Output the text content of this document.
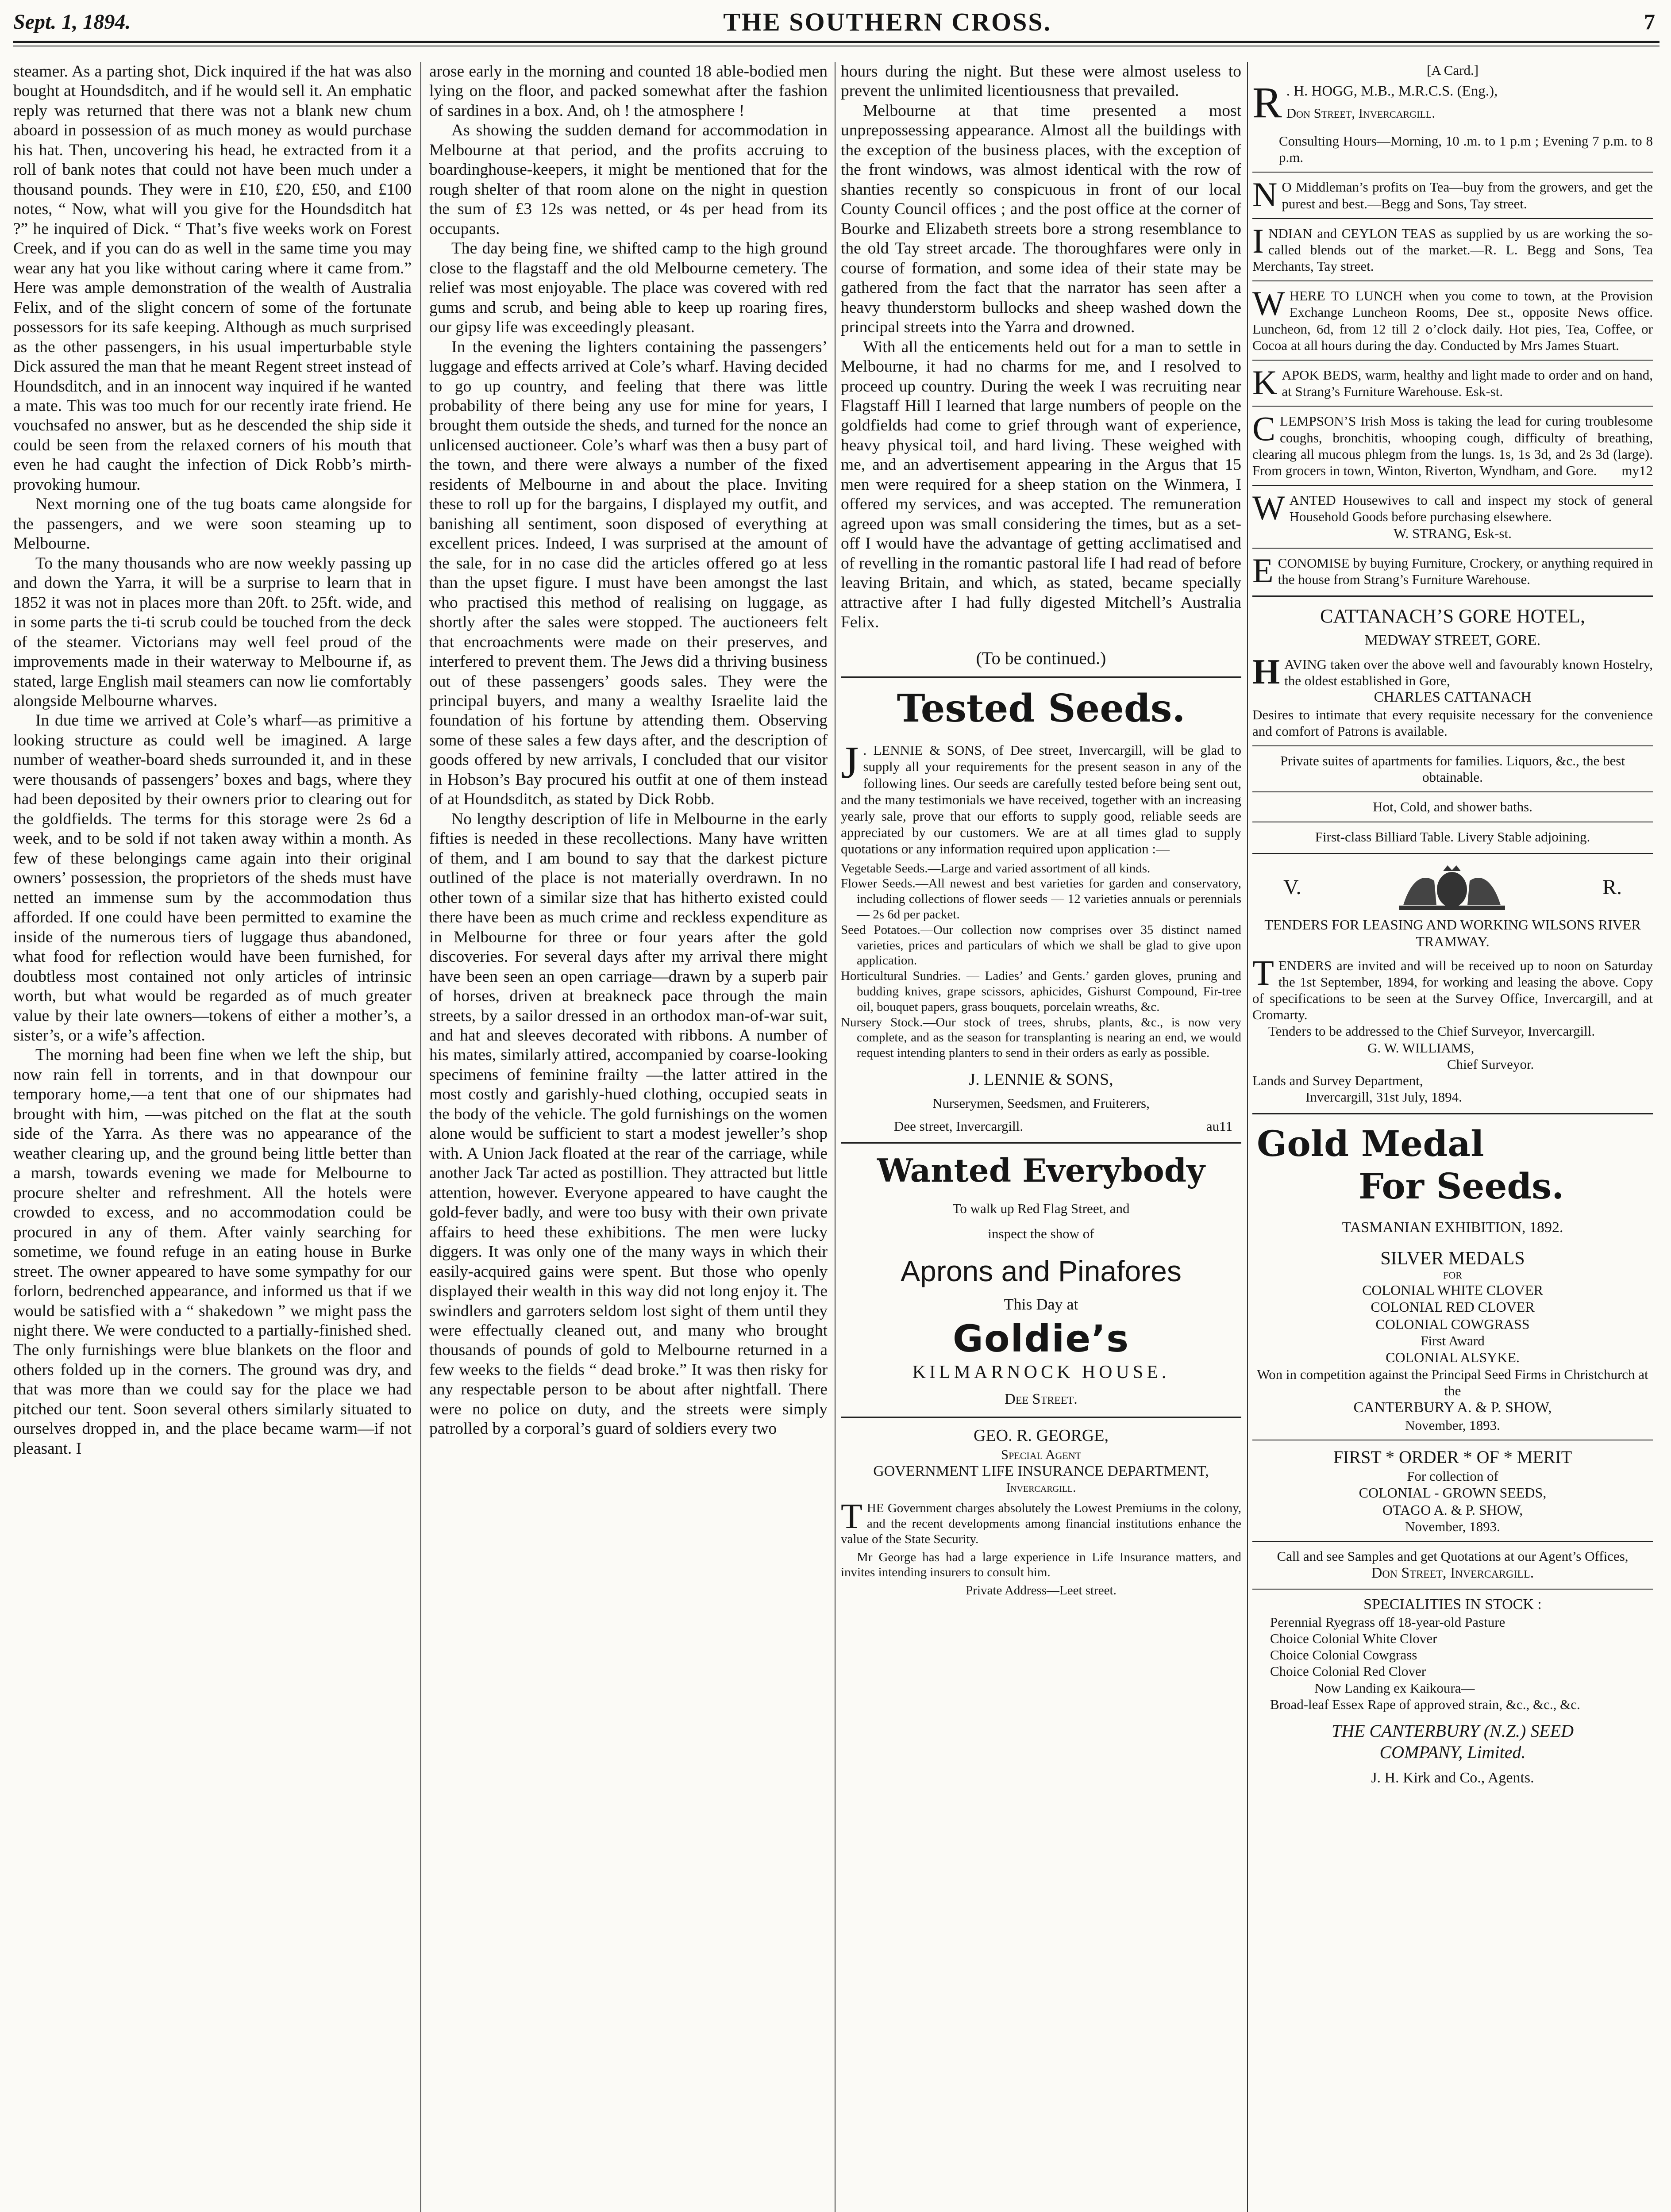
Sept. 1, 1894.	THE SOUTHERN CROSS.	7

steamer. As a parting shot, Dick inquired if the hat was also bought at Houndsditch, and if he would sell it. An emphatic reply was returned that there was not a blank new chum aboard in possession of as much money as would purchase his hat. Then, uncovering his head, he extracted from it a roll of bank notes that could not have been much under a thousand pounds. They were in £10, £20, £50, and £100 notes, “ Now, what will you give for the Houndsditch hat ?” he inquired of Dick. “ That’s five weeks work on Forest Creek, and if you can do as well in the same time you may wear any hat you like without caring where it came from.” Here was ample demonstration of the wealth of Australia Felix, and of the slight concern of some of the fortunate possessors for its safe keeping. Although as much surprised as the other passengers, in his usual imperturbable style Dick assured the man that he meant Regent street instead of Houndsditch, and in an innocent way inquired if he wanted a mate. This was too much for our recently irate friend. He vouchsafed no answer, but as he descended the ship side it could be seen from the relaxed corners of his mouth that even he had caught the infection of Dick Robb’s mirth-provoking humour.

Next morning one of the tug boats came alongside for the passengers, and we were soon steaming up to Melbourne.

To the many thousands who are now weekly passing up and down the Yarra, it will be a surprise to learn that in 1852 it was not in places more than 20ft. to 25ft. wide, and in some parts the ti-ti scrub could be touched from the deck of the steamer. Victorians may well feel proud of the improvements made in their waterway to Melbourne if, as stated, large English mail steamers can now lie comfortably alongside Melbourne wharves.

In due time we arrived at Cole’s wharf—as primitive a looking structure as could well be imagined. A large number of weather-board sheds surrounded it, and in these were thousands of passengers’ boxes and bags, where they had been deposited by their owners prior to clearing out for the goldfields. The terms for this storage were 2s 6d a week, and to be sold if not taken away within a month. As few of these belongings came again into their original owners’ possession, the proprietors of the sheds must have netted an immense sum by the accommodation thus afforded. If one could have been permitted to examine the inside of the numerous tiers of luggage thus abandoned, what food for reflection would have been furnished, for doubtless most contained not only articles of intrinsic worth, but what would be regarded as of much greater value by their late owners—tokens of either a mother’s, a sister’s, or a wife’s affection.

The morning had been fine when we left the ship, but now rain fell in torrents, and in that downpour our temporary home,—a tent that one of our shipmates had brought with him, —was pitched on the flat at the south side of the Yarra. As there was no appearance of the weather clearing up, and the ground being little better than a marsh, towards evening we made for Melbourne to procure shelter and refreshment. All the hotels were crowded to excess, and no accommodation could be procured in any of them. After vainly searching for sometime, we found refuge in an eating house in Burke street. The owner appeared to have some sympathy for our forlorn, bedrenched appearance, and informed us that if we would be satisfied with a “ shakedown ” we might pass the night there. We were conducted to a partially-finished shed. The only furnishings were blue blankets on the floor and others folded up in the corners. The ground was dry, and that was more than we could say for the place we had pitched our tent. Soon several others similarly situated to ourselves dropped in, and the place became warm—if not pleasant. I

arose early in the morning and counted 18 able-bodied men lying on the floor, and packed somewhat after the fashion of sardines in a box. And, oh ! the atmosphere !

As showing the sudden demand for accommodation in Melbourne at that period, and the profits accruing to boardinghouse-keepers, it might be mentioned that for the rough shelter of that room alone on the night in question the sum of £3 12s was netted, or 4s per head from its occupants.

The day being fine, we shifted camp to the high ground close to the flagstaff and the old Melbourne cemetery. The relief was most enjoyable. The place was covered with red gums and scrub, and being able to keep up roaring fires, our gipsy life was exceedingly pleasant.

In the evening the lighters containing the passengers’ luggage and effects arrived at Cole’s wharf. Having decided to go up country, and feeling that there was little probability of there being any use for mine for years, I brought them outside the sheds, and turned for the nonce an unlicensed auctioneer. Cole’s wharf was then a busy part of the town, and there were always a number of the fixed residents of Melbourne in and about the place. Inviting these to roll up for the bargains, I displayed my outfit, and banishing all sentiment, soon disposed of everything at excellent prices. Indeed, I was surprised at the amount of the sale, for in no case did the articles offered go at less than the upset figure. I must have been amongst the last who practised this method of realising on luggage, as shortly after the sales were stopped. The auctioneers felt that encroachments were made on their preserves, and interfered to prevent them. The Jews did a thriving business out of these passengers’ goods sales. They were the principal buyers, and many a wealthy Israelite laid the foundation of his fortune by attending them. Observing some of these sales a few days after, and the description of goods offered by new arrivals, I concluded that our visitor in Hobson’s Bay procured his outfit at one of them instead of at Houndsditch, as stated by Dick Robb.

No lengthy description of life in Melbourne in the early fifties is needed in these recollections. Many have written of them, and I am bound to say that the darkest picture outlined of the place is not materially overdrawn. In no other town of a similar size that has hitherto existed could there have been as much crime and reckless expenditure as in Melbourne for three or four years after the gold discoveries. For several days after my arrival there might have been seen an open carriage—drawn by a superb pair of horses, driven at breakneck pace through the main streets, by a sailor dressed in an orthodox man-of-war suit, and hat and sleeves decorated with ribbons. A number of his mates, similarly attired, accompanied by coarse-looking specimens of feminine frailty —the latter attired in the most costly and garishly-hued clothing, occupied seats in the body of the vehicle. The gold furnishings on the women alone would be sufficient to start a modest jeweller’s shop with. A Union Jack floated at the rear of the carriage, while another Jack Tar acted as postillion. They attracted but little attention, however. Everyone appeared to have caught the gold-fever badly, and were too busy with their own private affairs to heed these exhibitions. The men were lucky diggers. It was only one of the many ways in which their easily-acquired gains were spent. But those who openly displayed their wealth in this way did not long enjoy it. The swindlers and garroters seldom lost sight of them until they were effectually cleaned out, and many who brought thousands of pounds of gold to Melbourne returned in a few weeks to the fields “ dead broke.” It was then risky for any respectable person to be about after nightfall. There were no police on duty, and the streets were simply patrolled by a corporal’s guard of soldiers every two

hours during the night. But these were almost useless to prevent the unlimited licentiousness that prevailed.

Melbourne at that time presented a most unprepossessing appearance. Almost all the buildings with the exception of the business places, with the exception of the front windows, was almost identical with the row of shanties recently so conspicuous in front of our local County Council offices ; and the post office at the corner of Bourke and Elizabeth streets bore a strong resemblance to the old Tay street arcade. The thoroughfares were only in course of formation, and some idea of their state may be gathered from the fact that the narrator has seen after a heavy thunderstorm bullocks and sheep washed down the principal streets into the Yarra and drowned.

With all the enticements held out for a man to settle in Melbourne, it had no charms for me, and I resolved to proceed up country. During the week I was recruiting near Flagstaff Hill I learned that large numbers of people on the goldfields had come to grief through want of experience, heavy physical toil, and hard living. These weighed with me, and an advertisement appearing in the Argus that 15 men were required for a sheep station on the Winmera, I offered my services, and was accepted. The remuneration agreed upon was small considering the times, but as a set-off I would have the advantage of getting acclimatised and of revelling in the romantic pastoral life I had read of before leaving Britain, and which, as stated, became specially attractive after I had fully digested Mitchell’s Australia Felix.

(To be continued.)
Tested Seeds.
J . LENNIE & SONS, of Dee street, Invercargill, will be glad to supply all your requirements for the present season in any of the following lines. Our seeds are carefully tested before being sent out, and the many testimonials we have received, together with an increasing yearly sale, prove that our efforts to supply good, reliable seeds are appreciated by our customers. We are at all times glad to supply quotations or any information required upon application :—
Vegetable Seeds.—Large and varied assortment of all kinds.
Flower Seeds.—All newest and best varieties for garden and conservatory, including collections of flower seeds — 12 varieties annuals or perennials — 2s 6d per packet.
Seed Potatoes.—Our collection now comprises over 35 distinct named varieties, prices and particulars of which we shall be glad to give upon application.
Horticultural Sundries. — Ladies’ and Gents.’ garden gloves, pruning and budding knives, grape scissors, aphicides, Gishurst Compound, Fir-tree oil, bouquet papers, grass bouquets, porcelain wreaths, &c.
Nursery Stock.—Our stock of trees, shrubs, plants, &c., is now very complete, and as the season for transplanting is nearing an end, we would request intending planters to send in their orders as early as possible.
J. LENNIE & SONS,
Nurserymen, Seedsmen, and Fruiterers,
Dee street, Invercargill.	au11
Wanted Everybody
To walk up Red Flag Street, and
inspect the show of
Aprons and Pinafores
This Day at
Goldie’s
KILMARNOCK HOUSE.
Dee Street.
GEO. R. GEORGE,
Special Agent
GOVERNMENT LIFE INSURANCE DEPARTMENT,
Invercargill.
T HE Government charges absolutely the Lowest Premiums in the colony, and the recent developments among financial institutions enhance the value of the State Security.
Mr George has had a large experience in Life Insurance matters, and invites intending insurers to consult him.
Private Address—Leet street.
[A Card.]
R . H. HOGG, M.B., M.R.C.S. (Eng.),
Don Street, Invercargill.
Consulting Hours—Morning, 10 .m. to 1 p.m ; Evening 7 p.m. to 8 p.m.
N O Middleman’s profits on Tea—buy from the growers, and get the purest and best.—Begg and Sons, Tay street.
I NDIAN and CEYLON TEAS as supplied by us are working the so-called blends out of the market.—R. L. Begg and Sons, Tea Merchants, Tay street.
W HERE TO LUNCH when you come to town, at the Provision Exchange Luncheon Rooms, Dee st., opposite News office. Luncheon, 6d, from 12 till 2 o’clock daily. Hot pies, Tea, Coffee, or Cocoa at all hours during the day. Conducted by Mrs James Stuart.
K APOK BEDS, warm, healthy and light made to order and on hand, at Strang’s Furniture Warehouse. Esk-st.
C LEMPSON’S Irish Moss is taking the lead for curing troublesome coughs, bronchitis, whooping cough, difficulty of breathing, clearing all mucous phlegm from the lungs. 1s, 1s 3d, and 2s 3d (large). From grocers in town, Winton, Riverton, Wyndham, and Gore. my12
W ANTED Housewives to call and inspect my stock of general Household Goods before purchasing elsewhere.
W. STRANG, Esk-st.
E CONOMISE by buying Furniture, Crockery, or anything required in the house from Strang’s Furniture Warehouse.
CATTANACH’S GORE HOTEL,
MEDWAY STREET, GORE.
H AVING taken over the above well and favourably known Hostelry, the oldest established in Gore,
CHARLES CATTANACH
Desires to intimate that every requisite necessary for the convenience and comfort of Patrons is available.
Private suites of apartments for families. Liquors, &c., the best obtainable.
Hot, Cold, and shower baths.
First-class Billiard Table. Livery Stable adjoining.
V.	R.
TENDERS FOR LEASING AND WORKING WILSONS RIVER TRAMWAY.
T ENDERS are invited and will be received up to noon on Saturday the 1st September, 1894, for working and leasing the above. Copy of specifications to be seen at the Survey Office, Invercargill, and at Cromarty.
Tenders to be addressed to the Chief Surveyor, Invercargill.
G. W. WILLIAMS,
Chief Surveyor.
Lands and Survey Department,
Invercargill, 31st July, 1894.
Gold Medal
For Seeds.
TASMANIAN EXHIBITION, 1892.
SILVER MEDALS
FOR
COLONIAL WHITE CLOVER
COLONIAL RED CLOVER
COLONIAL COWGRASS
First Award
COLONIAL ALSYKE.
Won in competition against the Principal Seed Firms in Christchurch at the
CANTERBURY A. & P. SHOW,
November, 1893.
FIRST * ORDER * OF * MERIT
For collection of
COLONIAL - GROWN SEEDS,
OTAGO A. & P. SHOW,
November, 1893.
Call and see Samples and get Quotations at our Agent’s Offices,
Don Street, Invercargill.
SPECIALITIES IN STOCK :
Perennial Ryegrass off 18-year-old Pasture
Choice Colonial White Clover
Choice Colonial Cowgrass
Choice Colonial Red Clover
Now Landing ex Kaikoura—
Broad-leaf Essex Rape of approved strain, &c., &c., &c.
THE CANTERBURY (N.Z.) SEED
COMPANY, Limited.
J. H. Kirk and Co., Agents.
